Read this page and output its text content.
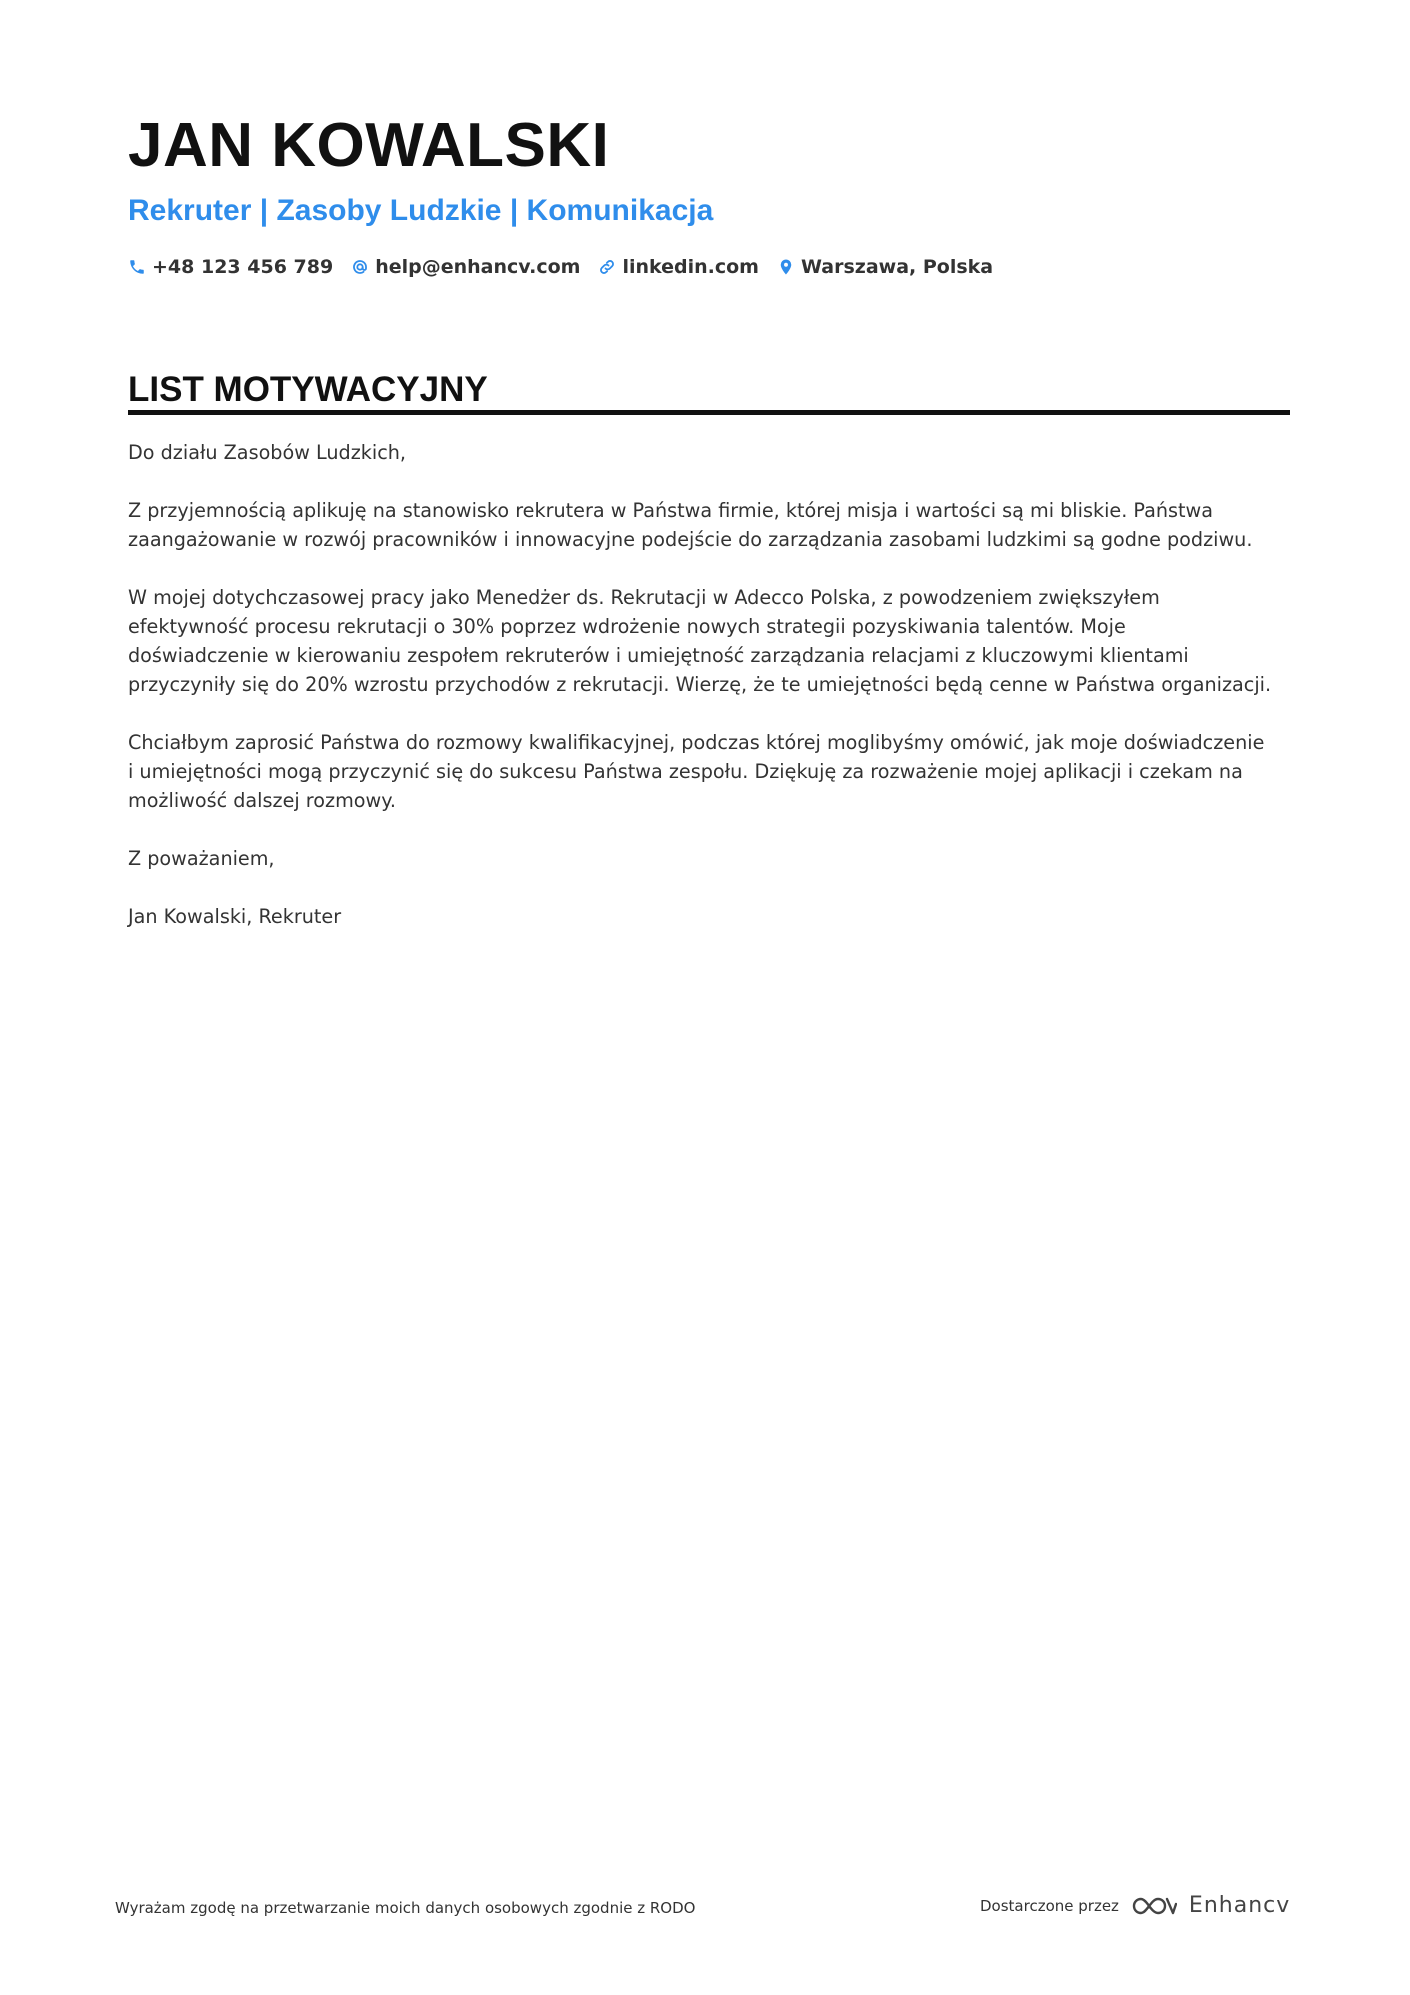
JAN KOWALSKI
Rekruter | Zasoby Ludzkie | Komunikacja
+48 123 456 789 help@enhancv.com linkedin.com Warszawa, Polska
LIST MOTYWACYJNY

Do działu Zasobów Ludzkich,

Z przyjemnością aplikuję na stanowisko rekrutera w Państwa firmie, której misja i wartości są mi bliskie. Państwa
zaangażowanie w rozwój pracowników i innowacyjne podejście do zarządzania zasobami ludzkimi są godne podziwu.

W mojej dotychczasowej pracy jako Menedżer ds. Rekrutacji w Adecco Polska, z powodzeniem zwiększyłem
efektywność procesu rekrutacji o 30% poprzez wdrożenie nowych strategii pozyskiwania talentów. Moje
doświadczenie w kierowaniu zespołem rekruterów i umiejętność zarządzania relacjami z kluczowymi klientami
przyczyniły się do 20% wzrostu przychodów z rekrutacji. Wierzę, że te umiejętności będą cenne w Państwa organizacji.

Chciałbym zaprosić Państwa do rozmowy kwalifikacyjnej, podczas której moglibyśmy omówić, jak moje doświadczenie
i umiejętności mogą przyczynić się do sukcesu Państwa zespołu. Dziękuję za rozważenie mojej aplikacji i czekam na
możliwość dalszej rozmowy.

Z poważaniem,

Jan Kowalski, Rekruter

Wyrażam zgodę na przetwarzanie moich danych osobowych zgodnie z RODO	Dostarczone przez	Enhancv
